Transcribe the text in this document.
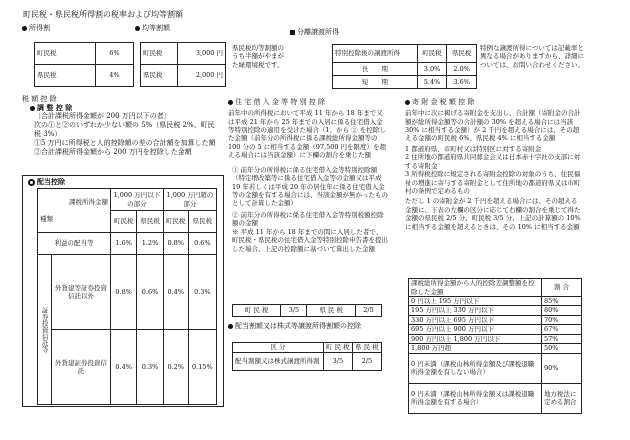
町民税・県民税所得割の税率および均等割額
所得割
町民税	6%
県民税	4%
均等割額
町民税	3,000 円
県民税	2,000 円
県民税均等割額のうち半額がやまがた緑環境税です。
分離譲渡所得
特別控除後の譲渡所得	町民税	県民税
長　　期	3.0%	2.0%
短　　期	5.4%	3.6%
特例な譲渡所得については記載率と異なる場合がありますから、詳細については、お問い合わせください。
税 額 控 除
調 整 控 除

〔合計課税所得金額が 200 万円以下の者〕

次の①と②のいずれか少ない額の 5%（県民税 2%、町民税 3%）

①5 万円に所得税と人的控除額の差の合計額を加算した額

②合計課税所得金額から 200 万円を控除した金額

配当控除
課税所得金額
種類		1,000 万円以下の部分		1,000 万円超の部分	
		町民税	県民税	町民税	県民税
利益の配当等		1.6%	1.2%	0.8%	0.6%
証券投資信託等	外貨建等証券投資信託以外	0.8%	0.6%	0.4%	0.3%
	外貨建証券投資信託	0.4%	0.3%	0.2%	0.15%
住 宅 借 入 金 等 特 別 控 除

前年中の所得税において平成 11 年から 18 年まで又は平成 21 年から 25 年までの入居に係る住宅借入金等特別控除の適用を受けた場合（1、から ② を控除した金額（前年分の所得税に係る課税総所得金額等の 100 分の 5 に相当する金額（97,500 円を限度）を超える場合には当該金額）に下欄の割合を乗じた額

① 前年分の所得税に係る住宅借入金等特別控除額（特定増改築等に係る住宅借入金等の金額又は平成 19 年若しくは平成 20 年の居住年に係る住宅借入金等の金額を有する場合には、当該金額が無かったものとして計算した金額）

② 前年分の所得税に係る住宅借入金等特別税額控除額の金額

※ 平成 11 年から 18 年までの間に入居した者で、町民税・県民税の住宅借入金等特別控除申告書を提出した場合、上記の控除額に基づいて算出した金額

町 民 税	3/5	県 民 税	2/5
配当割額又は株式等譲渡所得割額の控除
区 分	町 民 税	県 民 税
配当割額又は株式譲渡所得割	3/5	2/5
寄 附 金 税 額 控 除

前年中に次に掲げる寄附金を支出し、合計額（寄附金の合計額が総所得金額等の合計額の 30% を超える場合には当該 30% に相当する金額）が 2 千円を超える場合には、その超える金額の町民税 6%、県民税 4% に相当する金額

1 都道府県、市町村又は特別区に対する寄附金

2 住所地の都道府県共同募金会又は日本赤十字社の支部に対する寄附金

3 所得税控除に規定される寄附金控除の対象のうち、住民福祉の増進に寄与する寄附金として住所地の都道府県又は市町村の条例で定めるもの

ただし 1 の寄附金が 2 千円を超える場合には、その超える金額に、下表の左欄の区分に応じて右欄の割合を乗じて得た金額の県民税 2/5 分、町民税 3/5 分、上記の計算額の 10% に相当する金額を超えるときは、その 10% に相当する金額

課税総所得金額から人的控除差調整額を控除した金額	割 合
0 円以上 195 万円以下	85%
195 万円以上 330 万円以下	80%
330 万円以上 695 万円以下	70%
695 万円以上 900 万円以下	67%
900 万円以上 1,800 万円以下	57%
1,800 万円超	50%
0 円未満（課税山林所得金額及び課税退職所得金額を有しない場合）	90%
0 円未満（課税山林所得金額又は課税退職所得金額を有する場合）	地方税法に定める割合
